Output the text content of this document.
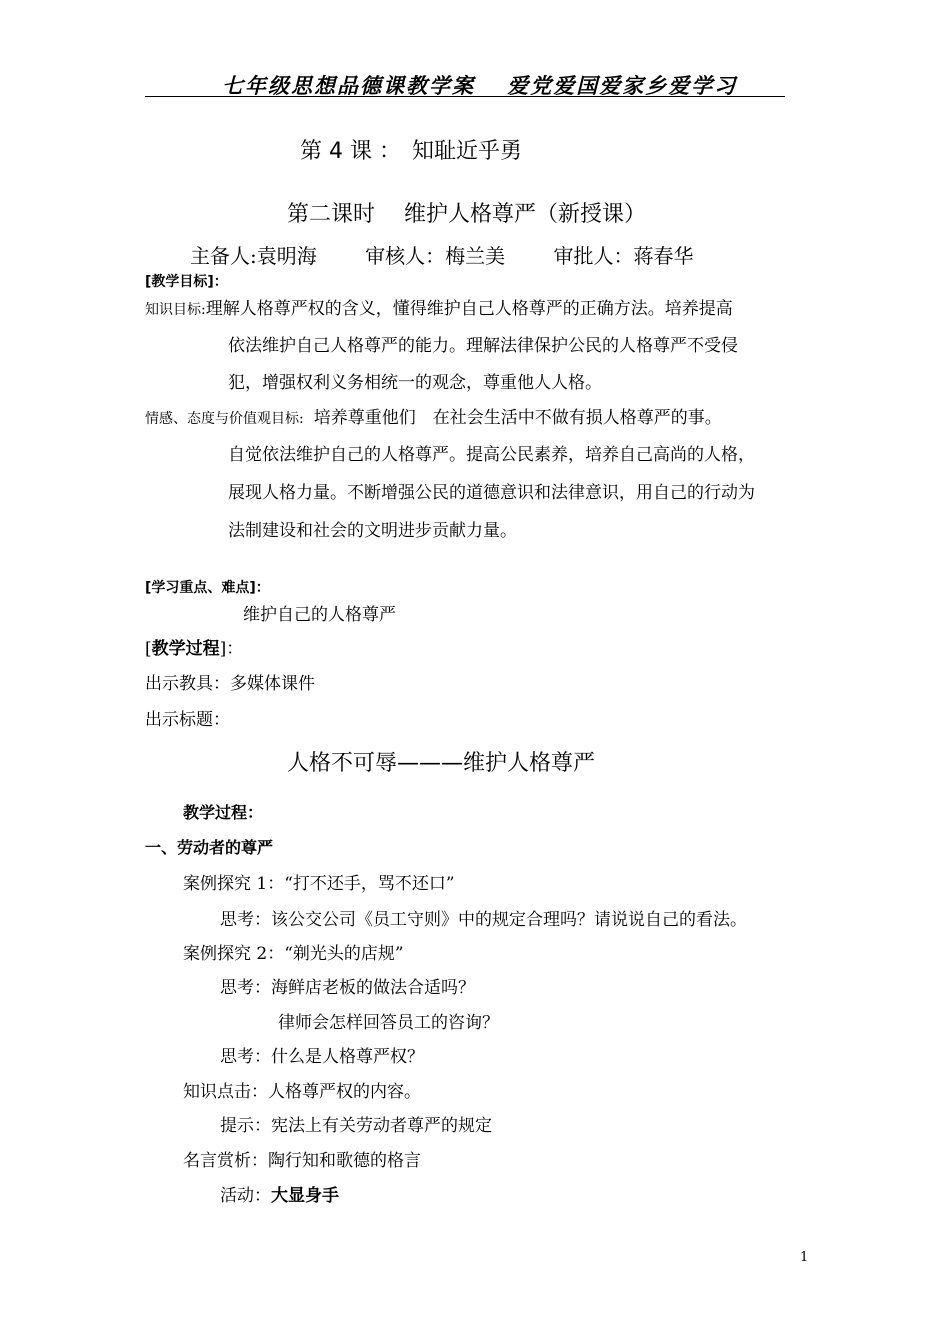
七年级思想品德课教学案　 爱党爱国爱家乡爱学习
第 4 课 ：　知耻近乎勇
第二课时　 维护人格尊严（新授课）
主备人:袁明海 审核人：梅兰美 审批人：蒋春华
[教学目标]：
知识目标:理解人格尊严权的含义，懂得维护自己人格尊严的正确方法。培养提高
依法维护自己人格尊严的能力。理解法律保护公民的人格尊严不受侵
犯，增强权利义务相统一的观念，尊重他人人格。
情感、态度与价值观目标: 培养尊重他们　在社会生活中不做有损人格尊严的事。
自觉依法维护自己的人格尊严。提高公民素养，培养自己高尚的人格，
展现人格力量。不断增强公民的道德意识和法律意识，用自己的行动为
法制建设和社会的文明进步贡献力量。
[学习重点、难点]：
维护自己的人格尊严
[教学过程]：
出示教具：多媒体课件
出示标题：
人格不可辱———维护人格尊严
教学过程：
一、劳动者的尊严
案例探究 1：“打不还手，骂不还口”
思考：该公交公司《员工守则》中的规定合理吗？请说说自己的看法。
案例探究 2：“剃光头的店规”
思考：海鲜店老板的做法合适吗？
律师会怎样回答员工的咨询？
思考：什么是人格尊严权？
知识点击：人格尊严权的内容。
提示：宪法上有关劳动者尊严的规定
名言赏析：陶行知和歌德的格言
活动：大显身手
1
